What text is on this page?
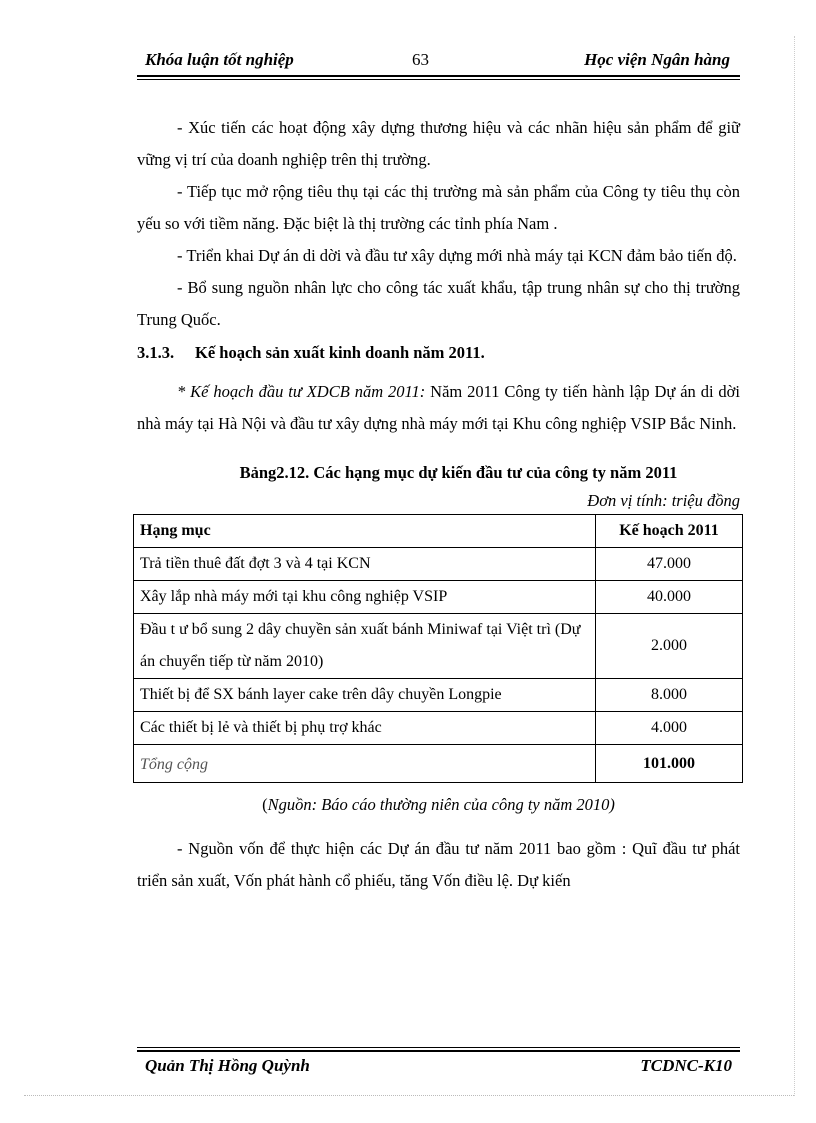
Khóa luận tốt nghiệp	63	Học viện Ngân hàng

- Xúc tiến các hoạt động xây dựng thương hiệu và các nhãn hiệu sản phẩm để giữ vững vị trí của doanh nghiệp trên thị trường.

- Tiếp tục mở rộng tiêu thụ tại các thị trường mà sản phẩm của Công ty tiêu thụ còn yếu so với tiềm năng. Đặc biệt là thị trường các tỉnh phía Nam .

- Triển khai Dự án di dời và đầu tư xây dựng mới nhà máy tại KCN đảm bảo tiến độ.

- Bổ sung nguồn nhân lực cho công tác xuất khẩu, tập trung nhân sự cho thị trường Trung Quốc.

3.1.3. Kế hoạch sản xuất kinh doanh năm 2011.

* Kế hoạch đầu tư XDCB năm 2011: Năm 2011 Công ty tiến hành lập Dự án di dời nhà máy tại Hà Nội và đầu tư xây dựng nhà máy mới tại Khu công nghiệp VSIP Bắc Ninh.

Bảng2.12. Các hạng mục dự kiến đầu tư của công ty năm 2011

Đơn vị tính: triệu đồng

Hạng mục	Kế hoạch 2011
Trả tiền thuê đất đợt 3 và 4 tại KCN	47.000
Xây lắp nhà máy mới tại khu công nghiệp VSIP	40.000
Đầu t ư bổ sung 2 dây chuyền sản xuất bánh Miniwaf tại Việt trì (Dự án chuyển tiếp từ năm 2010)	2.000
Thiết bị để SX bánh layer cake trên dây chuyền Longpie	8.000
Các thiết bị lẻ và thiết bị phụ trợ khác	4.000
Tổng cộng	101.000

(Nguồn: Báo cáo thường niên của công ty năm 2010)

- Nguồn vốn để thực hiện các Dự án đầu tư năm 2011 bao gồm : Quĩ đầu tư phát triển sản xuất, Vốn phát hành cổ phiếu, tăng Vốn điều lệ. Dự kiến

Quản Thị Hồng Quỳnh	TCDNC-K10
